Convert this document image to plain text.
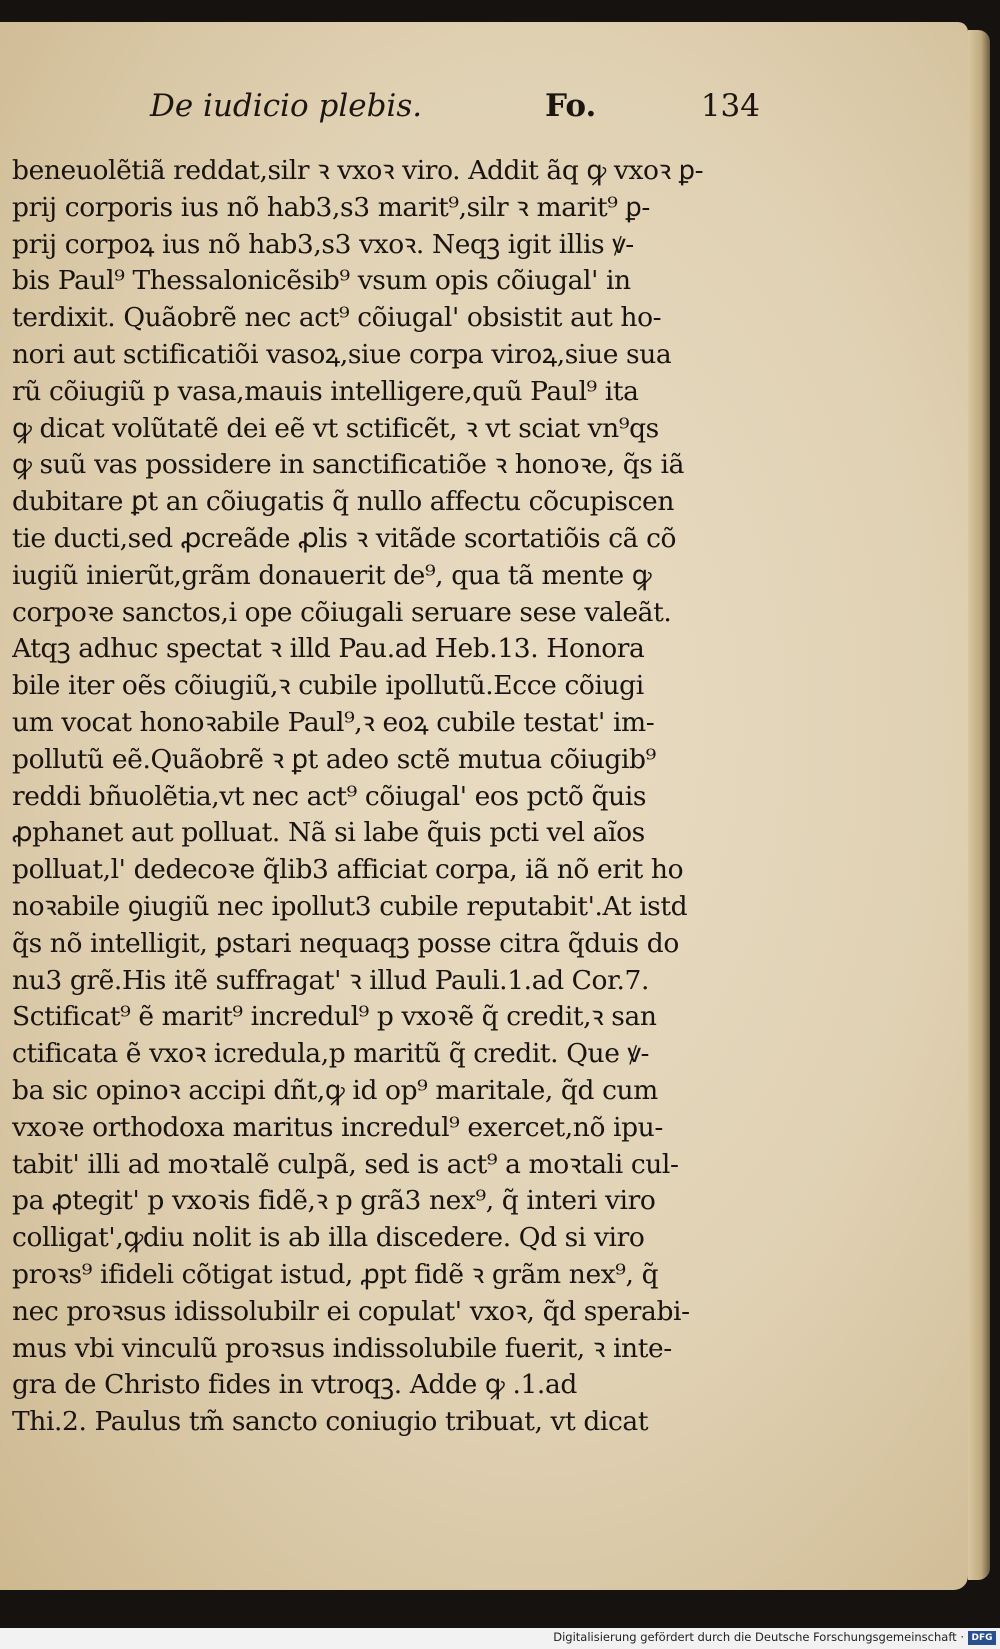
De iudicio plebis.	Fo.	134
beneuolẽtiã reddat,silr ꝛ vxoꝛ viro. Addit ãq ꝙ vxoꝛ ꝑ-
prij corporis ius nõ hab3,s3 marit⁹,silr ꝛ marit⁹ ꝑ-
prij corpoꝝ ius nõ hab3,s3 vxoꝛ. Neqꝫ igit illis ꝟ-
bis Paul⁹ Thessalonicẽsib⁹ vsum opis cõiugal' in
terdixit. Quãobrẽ nec act⁹ cõiugal' obsistit aut ho-
nori aut sctificatiõi vasoꝝ,siue corpa viroꝝ,siue sua
rũ cõiugiũ p vasa,mauis intelligere,quũ Paul⁹ ita
ꝙ dicat volũtatẽ dei eẽ vt sctificẽt, ꝛ vt sciat vn⁹qs
ꝙ suũ vas possidere in sanctificatiõe ꝛ honoꝛe, q̃s iã
dubitare ꝑt an cõiugatis q̃ nullo affectu cõcupiscen
tie ducti,sed ꝓcreãde ꝓlis ꝛ vitãde scortatiõis cã cõ
iugiũ inierũt,grãm donauerit de⁹, qua tã mente ꝙ
corpoꝛe sanctos,i ope cõiugali seruare sese valeãt.
Atqꝫ adhuc spectat ꝛ illd Pau.ad Heb.13. Honora
bile iter oẽs cõiugiũ,ꝛ cubile ipollutũ.Ecce cõiugi
um vocat honoꝛabile Paul⁹,ꝛ eoꝝ cubile testat' im-
pollutũ eẽ.Quãobrẽ ꝛ ꝑt adeo sctẽ mutua cõiugib⁹
reddi bñuolẽtia,vt nec act⁹ cõiugal' eos pctõ q̃uis
ꝓphanet aut polluat. Nã si labe q̃uis pcti vel aĩos
polluat,l' dedecoꝛe q̃lib3 afficiat corpa, iã nõ erit ho
noꝛabile ꝯiugiũ nec ipollut3 cubile reputabit'.At istd
q̃s nõ intelligit, ꝑstari nequaqꝫ posse citra q̃duis do
nu3 grẽ.His itẽ suffragat' ꝛ illud Pauli.1.ad Cor.7.
Sctificat⁹ ẽ marit⁹ incredul⁹ p vxoꝛẽ q̃ credit,ꝛ san
ctificata ẽ vxoꝛ icredula,p maritũ q̃ credit. Que ꝟ-
ba sic opinoꝛ accipi dñt,ꝙ id op⁹ maritale, q̃d cum
vxoꝛe orthodoxa maritus incredul⁹ exercet,nõ ipu-
tabit' illi ad moꝛtalẽ culpã, sed is act⁹ a moꝛtali cul-
pa ꝓtegit' p vxoꝛis fidẽ,ꝛ p grã3 nex⁹, q̃ interi viro
colligat',ꝙdiu nolit is ab illa discedere. Qd si viro
proꝛs⁹ ifideli cõtigat istud, ꝓpt fidẽ ꝛ grãm nex⁹, q̃
nec proꝛsus idissolubilr ei copulat' vxoꝛ, q̃d sperabi-
mus vbi vinculũ proꝛsus indissolubile fuerit, ꝛ inte-
gra de Christo fides in vtroqꝫ. Adde ꝙ .1.ad
Thi.2. Paulus tm̃ sancto coniugio tribuat, vt dicat
Digitalisierung gefördert durch die Deutsche Forschungsgemeinschaft · DFG
